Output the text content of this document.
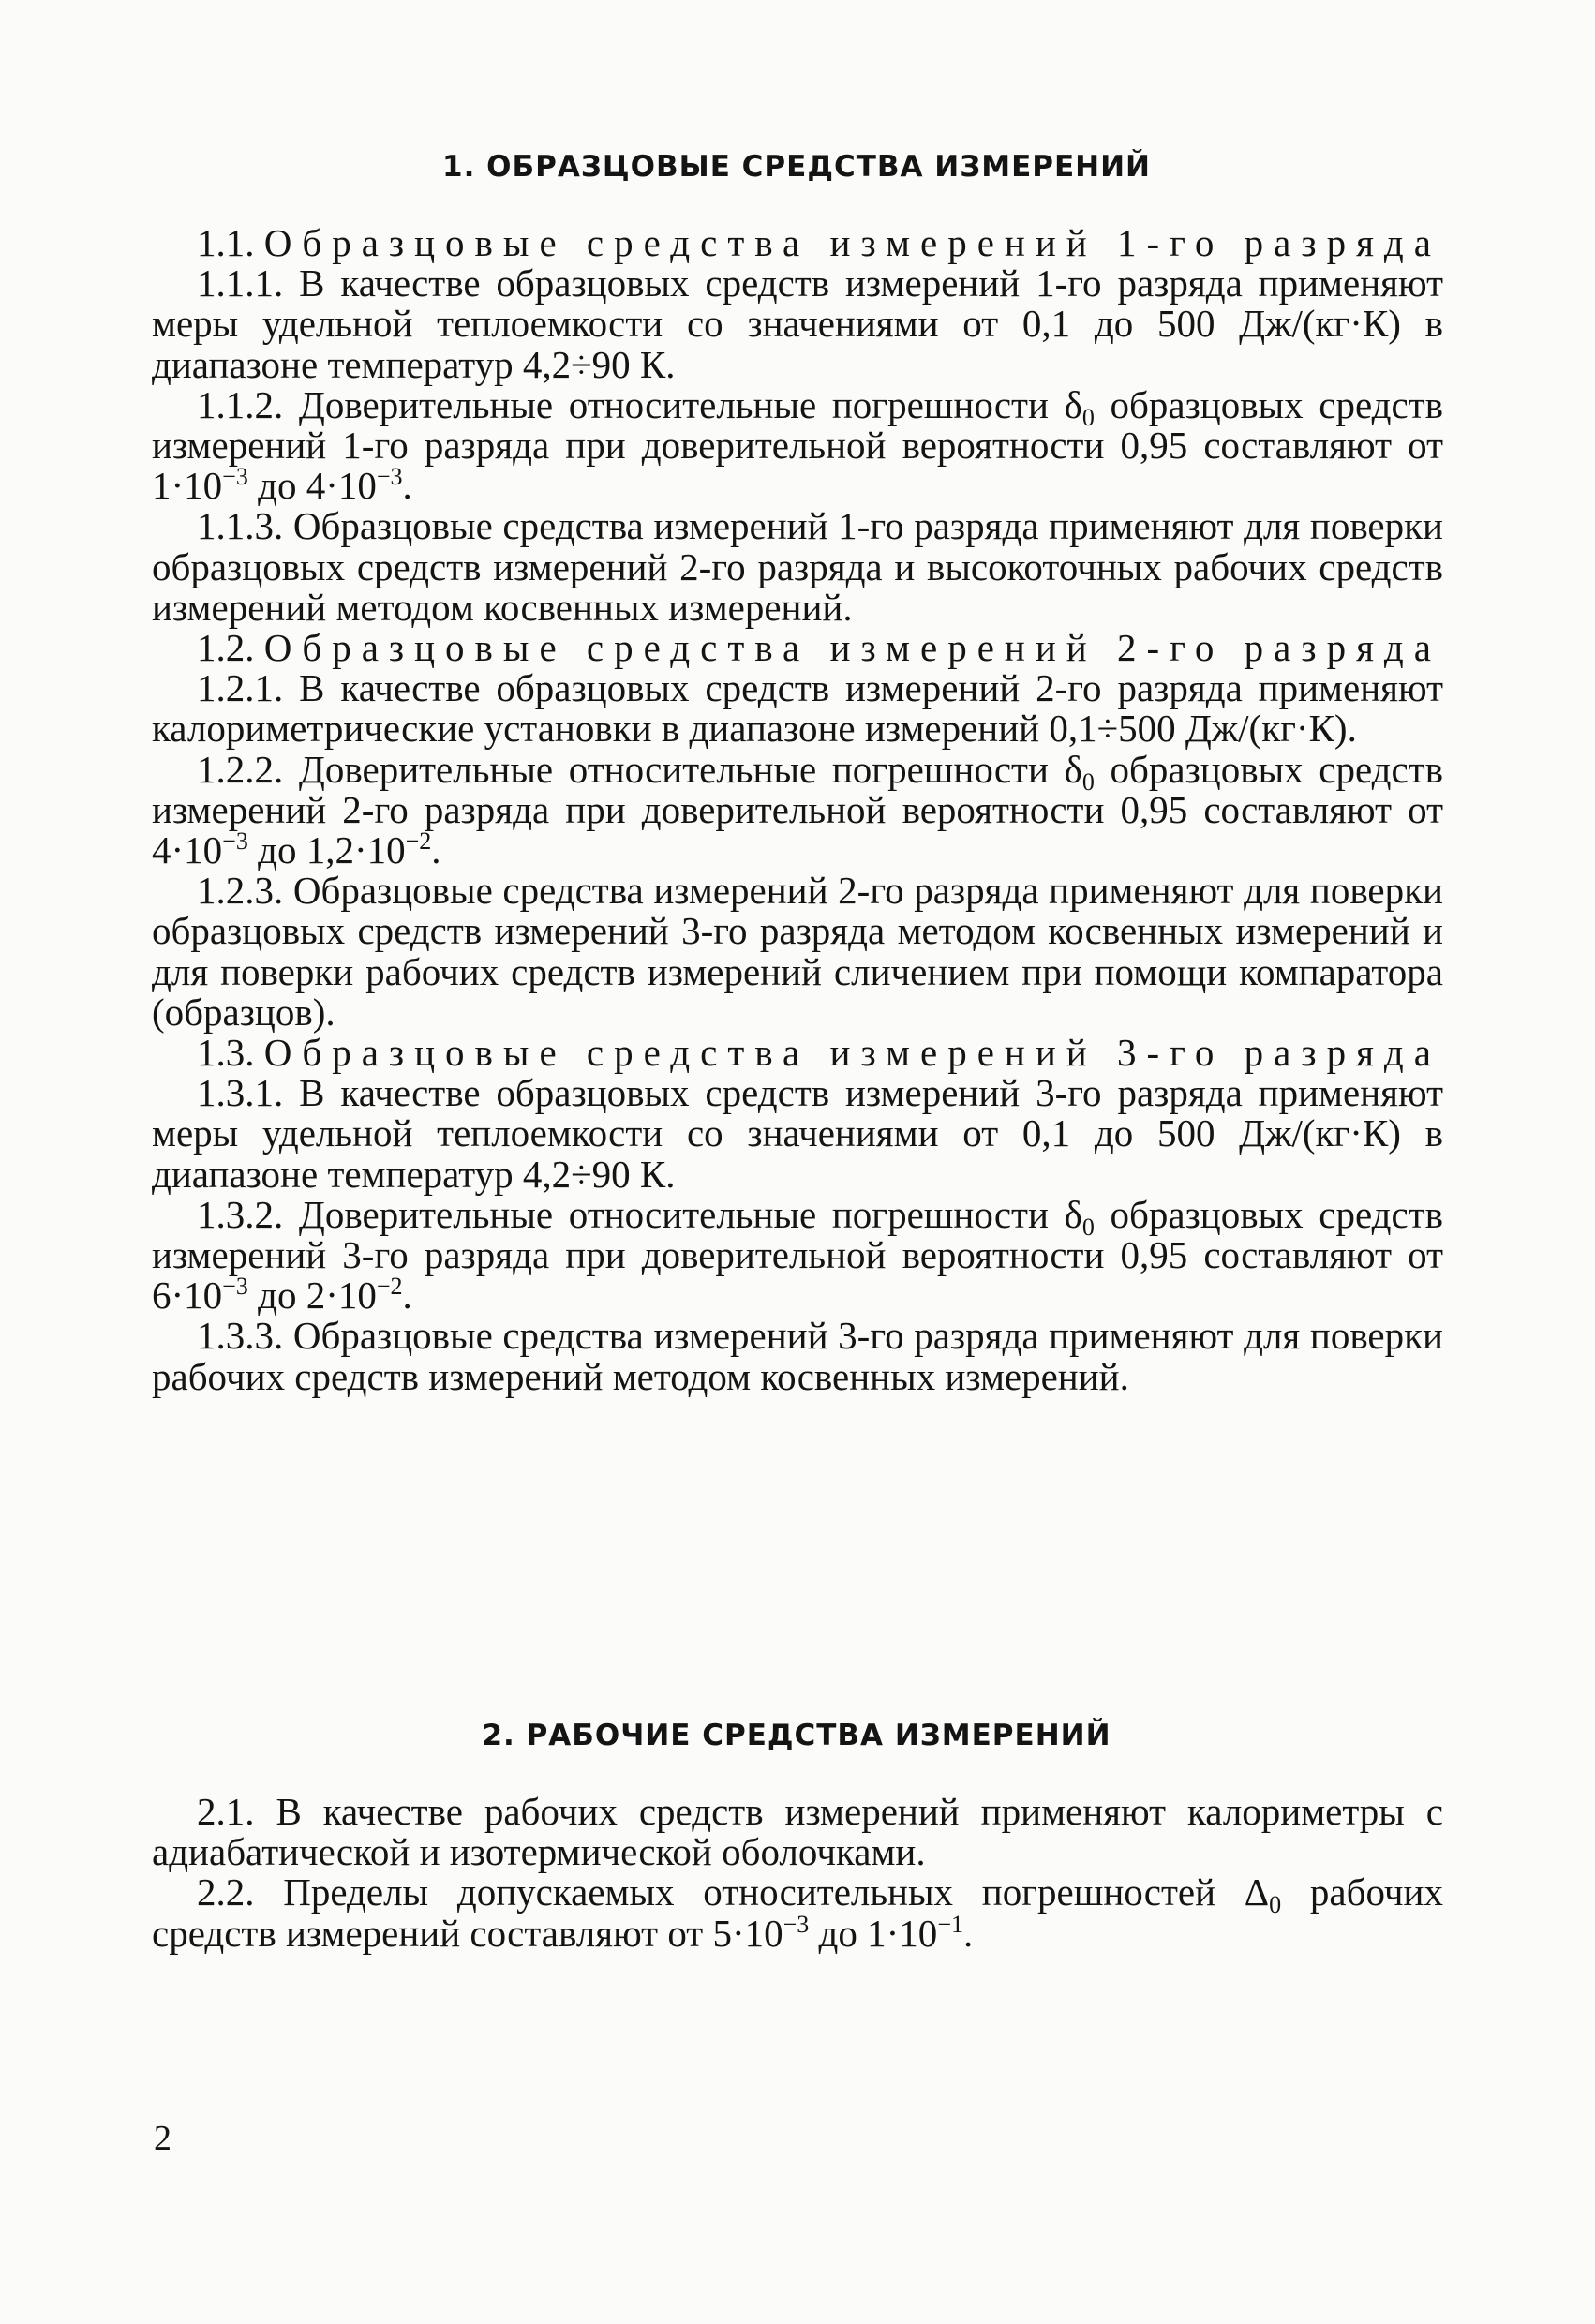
1. ОБРАЗЦОВЫЕ СРЕДСТВА ИЗМЕРЕНИЙ

1.1. Образцовые средства измерений 1-го разряда

1.1.1. В качестве образцовых средств измерений 1-го разряда применяют меры удельной теплоемкости со значениями от 0,1 до 500 Дж/(кг·К) в диапазоне температур 4,2÷90 К.

1.1.2. Доверительные относительные погрешности $\delta_0$ образцовых средств измерений 1-го разряда при доверительной вероятности 0,95 составляют от $1\cdot 10^{-3}$ до $4\cdot 10^{-3}$.

1.1.3. Образцовые средства измерений 1-го разряда применяют для поверки образцовых средств измерений 2-го разряда и высокоточных рабочих средств измерений методом косвенных измерений.

1.2. Образцовые средства измерений 2-го разряда

1.2.1. В качестве образцовых средств измерений 2-го разряда применяют калориметрические установки в диапазоне измерений 0,1÷500 Дж/(кг·К).

1.2.2. Доверительные относительные погрешности $\delta_0$ образцовых средств измерений 2-го разряда при доверительной вероятности 0,95 составляют от $4\cdot 10^{-3}$ до $1,2\cdot 10^{-2}$.

1.2.3. Образцовые средства измерений 2-го разряда применяют для поверки образцовых средств измерений 3-го разряда методом косвенных измерений и для поверки рабочих средств измерений сличением при помощи компаратора (образцов).

1.3. Образцовые средства измерений 3-го разряда

1.3.1. В качестве образцовых средств измерений 3-го разряда применяют меры удельной теплоемкости со значениями от 0,1 до 500 Дж/(кг·К) в диапазоне температур 4,2÷90 К.

1.3.2. Доверительные относительные погрешности $\delta_0$ образцовых средств измерений 3-го разряда при доверительной вероятности 0,95 составляют от $6\cdot 10^{-3}$ до $2\cdot 10^{-2}$.

1.3.3. Образцовые средства измерений 3-го разряда применяют для поверки рабочих средств измерений методом косвенных измерений.

2. РАБОЧИЕ СРЕДСТВА ИЗМЕРЕНИЙ

2.1. В качестве рабочих средств измерений применяют калориметры с адиабатической и изотермической оболочками.

2.2. Пределы допускаемых относительных погрешностей $\Delta_0$ рабочих средств измерений составляют от $5\cdot 10^{-3}$ до $1\cdot 10^{-1}$.

2
